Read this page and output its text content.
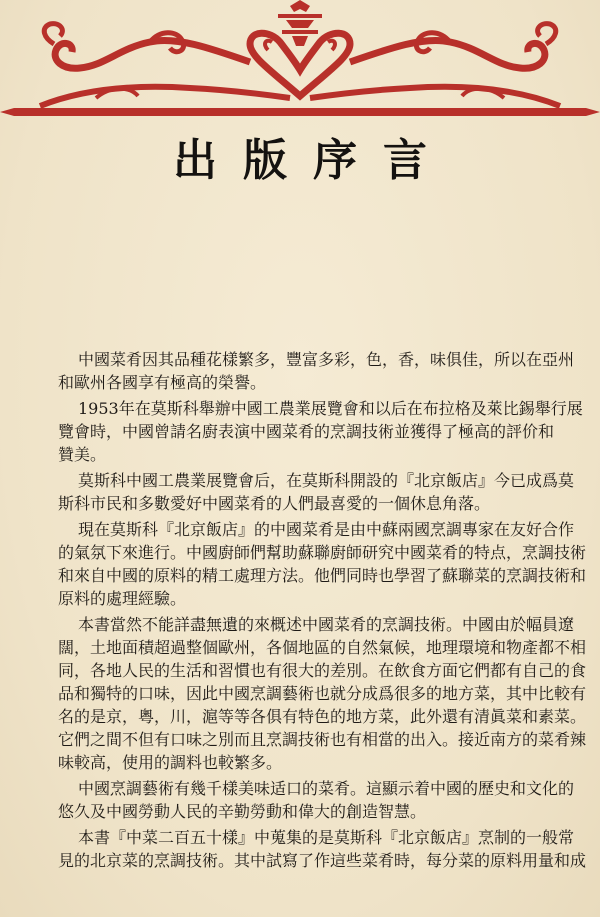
出版序言

中國菜肴因其品種花樣繁多，豐富多彩，色，香，味俱佳，所以在亞州
和歐州各國享有極高的榮譽。

1953年在莫斯科舉辦中國工農業展覽會和以后在布拉格及萊比錫舉行展
覽會時，中國曾請名廚表演中國菜肴的烹調技術並獲得了極高的評价和
贊美。

莫斯科中國工農業展覽會后，在莫斯科開設的『北京飯店』今已成爲莫
斯科市民和多數愛好中國菜肴的人們最喜愛的一個休息角落。

現在莫斯科『北京飯店』的中國菜肴是由中蘇兩國烹調專家在友好合作
的氣氛下來進行。中國廚師們幫助蘇聯廚師研究中國菜肴的特点，烹調技術
和來自中國的原料的精工處理方法。他們同時也學習了蘇聯菜的烹調技術和
原料的處理經驗。

本書當然不能詳盡無遺的來概述中國菜肴的烹調技術。中國由於幅員遼
闊，土地面積超過整個歐州，各個地區的自然氣候，地理環境和物產都不相
同，各地人民的生活和習慣也有很大的差別。在飲食方面它們都有自己的食
品和獨特的口味，因此中國烹調藝術也就分成爲很多的地方菜，其中比較有
名的是京，粵，川，滬等等各俱有特色的地方菜，此外還有清眞菜和素菜。
它們之間不但有口味之別而且烹調技術也有相當的出入。接近南方的菜肴辣
味較高，使用的調料也較繁多。

中國烹調藝術有幾千樣美味适口的菜肴。這顯示着中國的歷史和文化的
悠久及中國勞動人民的辛勤勞動和偉大的創造智慧。

本書『中菜二百五十樣』中蒐集的是莫斯科『北京飯店』烹制的一般常
見的北京菜的烹調技術。其中試寫了作這些菜肴時，每分菜的原料用量和成
